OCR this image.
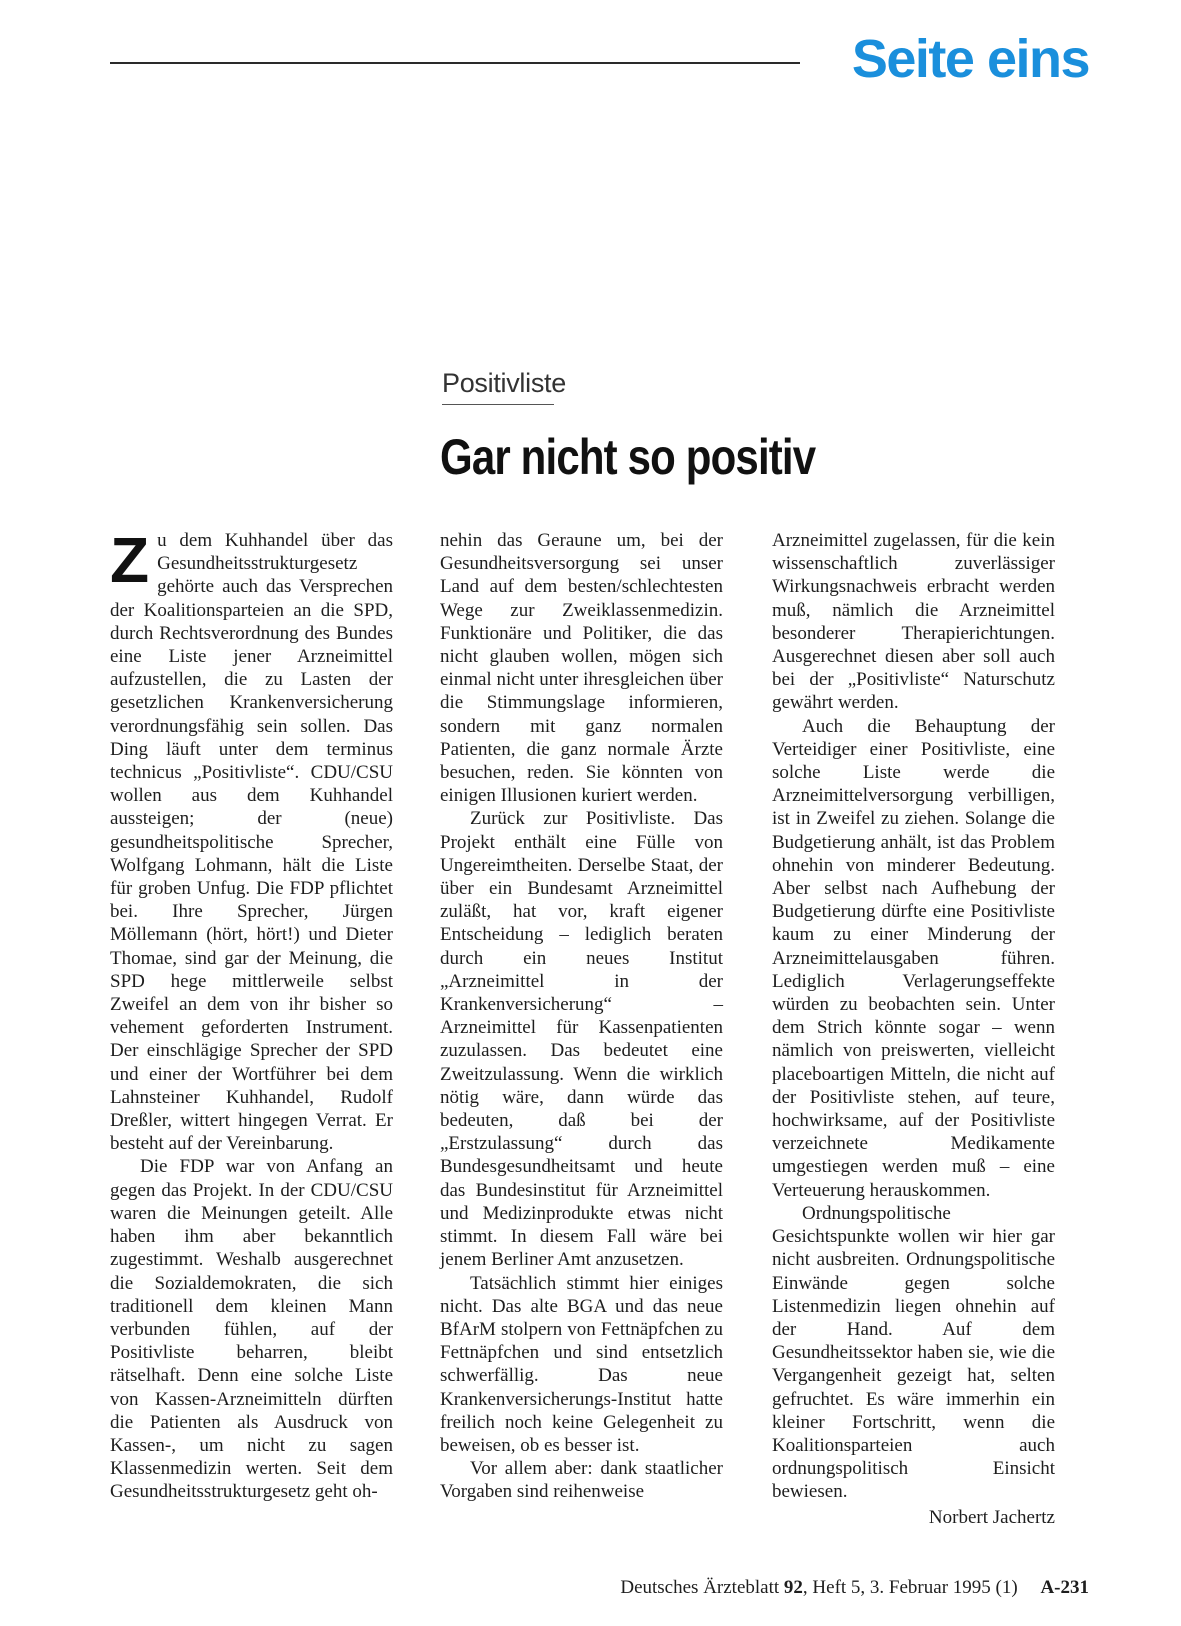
Seite eins
Positivliste
Gar nicht so positiv

Zu dem Kuhhandel über das Gesundheitsstrukturgesetz gehörte auch das Versprechen der Koalitionsparteien an die SPD, durch Rechtsverordnung des Bundes eine Liste jener Arzneimittel aufzustellen, die zu Lasten der gesetzlichen Krankenversicherung verordnungsfähig sein sollen. Das Ding läuft unter dem terminus technicus „Positivliste“. CDU/CSU wollen aus dem Kuhhandel aussteigen; der (neue) gesundheitspolitische Sprecher, Wolfgang Lohmann, hält die Liste für groben Unfug. Die FDP pflichtet bei. Ihre Sprecher, Jürgen Möllemann (hört, hört!) und Dieter Thomae, sind gar der Meinung, die SPD hege mittlerweile selbst Zweifel an dem von ihr bisher so vehement geforderten Instrument. Der einschlägige Sprecher der SPD und einer der Wortführer bei dem Lahnsteiner Kuhhandel, Rudolf Dreßler, wittert hingegen Verrat. Er besteht auf der Vereinbarung.

Die FDP war von Anfang an gegen das Projekt. In der CDU/CSU waren die Meinungen geteilt. Alle haben ihm aber bekanntlich zugestimmt. Weshalb ausgerechnet die Sozialdemokraten, die sich traditionell dem kleinen Mann verbunden fühlen, auf der Positivliste beharren, bleibt rätselhaft. Denn eine solche Liste von Kassen-Arzneimitteln dürften die Patienten als Ausdruck von Kassen-, um nicht zu sagen Klassenmedizin werten. Seit dem Gesundheitsstrukturgesetz geht oh-

nehin das Geraune um, bei der Gesundheitsversorgung sei unser Land auf dem besten/schlechtesten Wege zur Zweiklassenmedizin. Funktionäre und Politiker, die das nicht glauben wollen, mögen sich einmal nicht unter ihresgleichen über die Stimmungslage informieren, sondern mit ganz normalen Patienten, die ganz normale Ärzte besuchen, reden. Sie könnten von einigen Illusionen kuriert werden.

Zurück zur Positivliste. Das Projekt enthält eine Fülle von Ungereimtheiten. Derselbe Staat, der über ein Bundesamt Arzneimittel zuläßt, hat vor, kraft eigener Entscheidung – lediglich beraten durch ein neues Institut „Arzneimittel in der Krankenversicherung“ – Arzneimittel für Kassenpatienten zuzulassen. Das bedeutet eine Zweitzulassung. Wenn die wirklich nötig wäre, dann würde das bedeuten, daß bei der „Erstzulassung“ durch das Bundesgesundheitsamt und heute das Bundesinstitut für Arzneimittel und Medizinprodukte etwas nicht stimmt. In diesem Fall wäre bei jenem Berliner Amt anzusetzen.

Tatsächlich stimmt hier einiges nicht. Das alte BGA und das neue BfArM stolpern von Fettnäpfchen zu Fettnäpfchen und sind entsetzlich schwerfällig. Das neue Krankenversicherungs-Institut hatte freilich noch keine Gelegenheit zu beweisen, ob es besser ist.

Vor allem aber: dank staatlicher Vorgaben sind reihenweise

Arzneimittel zugelassen, für die kein wissenschaftlich zuverlässiger Wirkungsnachweis erbracht werden muß, nämlich die Arzneimittel besonderer Therapierichtungen. Ausgerechnet diesen aber soll auch bei der „Positivliste“ Naturschutz gewährt werden.

Auch die Behauptung der Verteidiger einer Positivliste, eine solche Liste werde die Arzneimittelversorgung verbilligen, ist in Zweifel zu ziehen. Solange die Budgetierung anhält, ist das Problem ohnehin von minderer Bedeutung. Aber selbst nach Aufhebung der Budgetierung dürfte eine Positivliste kaum zu einer Minderung der Arzneimittelausgaben führen. Lediglich Verlagerungseffekte würden zu beobachten sein. Unter dem Strich könnte sogar – wenn nämlich von preiswerten, vielleicht placeboartigen Mitteln, die nicht auf der Positivliste stehen, auf teure, hochwirksame, auf der Positivliste verzeichnete Medikamente umgestiegen werden muß – eine Verteuerung herauskommen.

Ordnungspolitische Gesichtspunkte wollen wir hier gar nicht ausbreiten. Ordnungspolitische Einwände gegen solche Listenmedizin liegen ohnehin auf der Hand. Auf dem Gesundheitssektor haben sie, wie die Vergangenheit gezeigt hat, selten gefruchtet. Es wäre immerhin ein kleiner Fortschritt, wenn die Koalitionsparteien auch ordnungspolitisch Einsicht bewiesen.

Norbert Jachertz

Deutsches Ärzteblatt 92, Heft 5, 3. Februar 1995 (1) A-231
